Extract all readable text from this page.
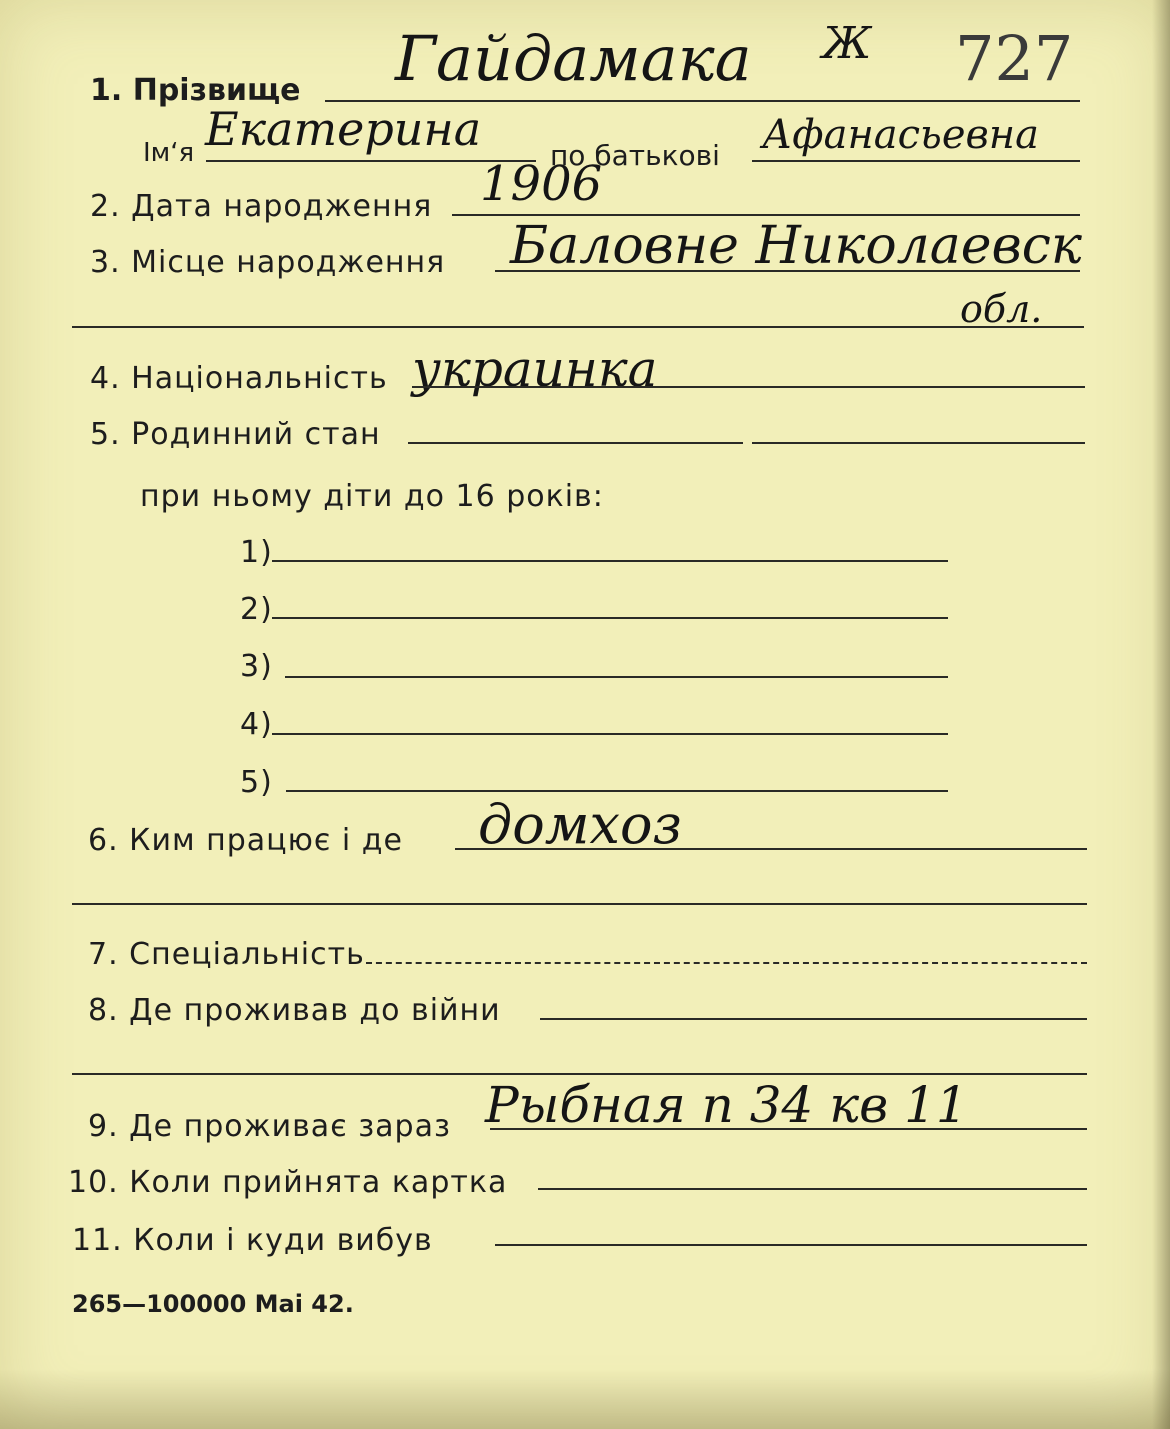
Ж 727
1. Прізвище Гайдамака
Ім‘я Екатерина по батькові Афанасьевна
2. Дата народження 1906
3. Місце народження Баловне Николаевск
обл.
4. Національність украинка
5. Родинний стан
при ньому діти до 16 років:
1)
2)
3)
4)
5)
6. Ким працює і де домхоз
7. Спеціальність
8. Де проживав до війни
9. Де проживає зараз Рыбная п 34 кв 11
10. Коли прийнята картка
11. Коли і куди вибув
265—100000 Mai 42.
